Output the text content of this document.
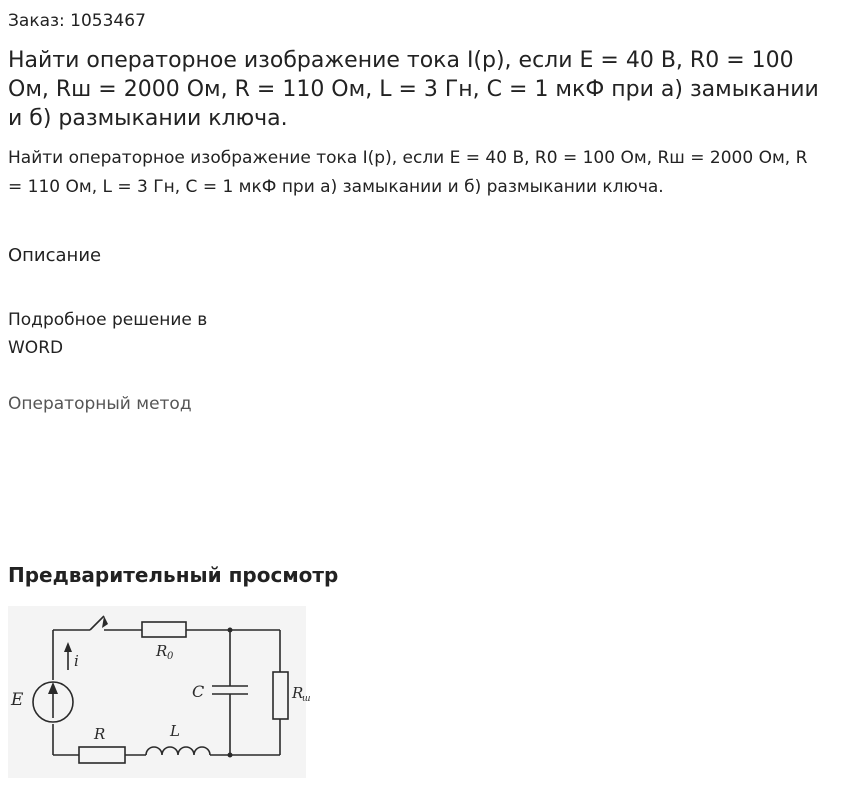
Заказ: 1053467
Найти операторное изображение тока I(p), если E = 40 В, R0 = 100 Ом, Rш = 2000 Ом, R = 110 Ом, L = 3 Гн, C = 1 мкФ при а) замыкании и б) размыкании ключа.
Найти операторное изображение тока I(p), если E = 40 В, R0 = 100 Ом, Rш = 2000 Ом, R = 110 Ом, L = 3 Гн, C = 1 мкФ при а) замыкании и б) размыкании ключа.
Описание
Подробное решение в
WORD
Операторный метод
Предварительный просмотр
E
i
R 0
C	R
ш
R	L
